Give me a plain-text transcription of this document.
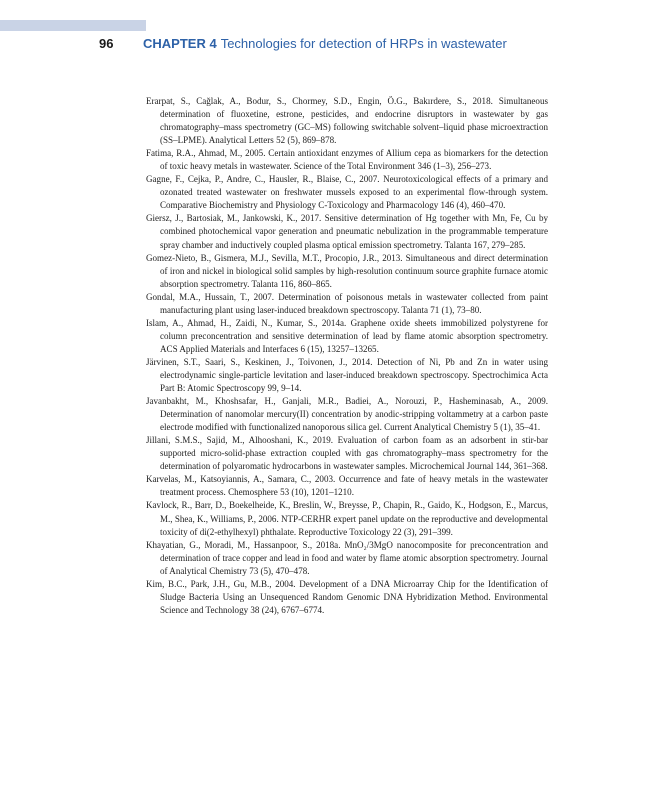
96	CHAPTER 4 Technologies for detection of HRPs in wastewater

Erarpat, S., Cağlak, A., Bodur, S., Chormey, S.D., Engin, Ö.G., Bakırdere, S., 2018. Simultaneous determination of fluoxetine, estrone, pesticides, and endocrine disruptors in wastewater by gas chromatography–mass spectrometry (GC–MS) following switchable solvent–liquid phase microextraction (SS–LPME). Analytical Letters 52 (5), 869–878.

Fatima, R.A., Ahmad, M., 2005. Certain antioxidant enzymes of Allium cepa as biomarkers for the detection of toxic heavy metals in wastewater. Science of the Total Environment 346 (1–3), 256–273.

Gagne, F., Cejka, P., Andre, C., Hausler, R., Blaise, C., 2007. Neurotoxicological effects of a primary and ozonated treated wastewater on freshwater mussels exposed to an experimental flow-through system. Comparative Biochemistry and Physiology C-Toxicology and Pharmacology 146 (4), 460–470.

Giersz, J., Bartosiak, M., Jankowski, K., 2017. Sensitive determination of Hg together with Mn, Fe, Cu by combined photochemical vapor generation and pneumatic nebulization in the programmable temperature spray chamber and inductively coupled plasma optical emission spectrometry. Talanta 167, 279–285.

Gomez-Nieto, B., Gismera, M.J., Sevilla, M.T., Procopio, J.R., 2013. Simultaneous and direct determination of iron and nickel in biological solid samples by high-resolution continuum source graphite furnace atomic absorption spectrometry. Talanta 116, 860–865.

Gondal, M.A., Hussain, T., 2007. Determination of poisonous metals in wastewater collected from paint manufacturing plant using laser-induced breakdown spectroscopy. Talanta 71 (1), 73–80.

Islam, A., Ahmad, H., Zaidi, N., Kumar, S., 2014a. Graphene oxide sheets immobilized polystyrene for column preconcentration and sensitive determination of lead by flame atomic absorption spectrometry. ACS Applied Materials and Interfaces 6 (15), 13257–13265.

Järvinen, S.T., Saari, S., Keskinen, J., Toivonen, J., 2014. Detection of Ni, Pb and Zn in water using electrodynamic single-particle levitation and laser-induced breakdown spectroscopy. Spectrochimica Acta Part B: Atomic Spectroscopy 99, 9–14.

Javanbakht, M., Khoshsafar, H., Ganjali, M.R., Badiei, A., Norouzi, P., Hasheminasab, A., 2009. Determination of nanomolar mercury(II) concentration by anodic-stripping voltammetry at a carbon paste electrode modified with functionalized nanoporous silica gel. Current Analytical Chemistry 5 (1), 35–41.

Jillani, S.M.S., Sajid, M., Alhooshani, K., 2019. Evaluation of carbon foam as an adsorbent in stir-bar supported micro-solid-phase extraction coupled with gas chromatography–mass spectrometry for the determination of polyaromatic hydrocarbons in wastewater samples. Microchemical Journal 144, 361–368.

Karvelas, M., Katsoyiannis, A., Samara, C., 2003. Occurrence and fate of heavy metals in the wastewater treatment process. Chemosphere 53 (10), 1201–1210.

Kavlock, R., Barr, D., Boekelheide, K., Breslin, W., Breysse, P., Chapin, R., Gaido, K., Hodgson, E., Marcus, M., Shea, K., Williams, P., 2006. NTP-CERHR expert panel update on the reproductive and developmental toxicity of di(2-ethylhexyl) phthalate. Reproductive Toxicology 22 (3), 291–399.

Khayatian, G., Moradi, M., Hassanpoor, S., 2018a. MnO₂/3MgO nanocomposite for preconcentration and determination of trace copper and lead in food and water by flame atomic absorption spectrometry. Journal of Analytical Chemistry 73 (5), 470–478.

Kim, B.C., Park, J.H., Gu, M.B., 2004. Development of a DNA Microarray Chip for the Identification of Sludge Bacteria Using an Unsequenced Random Genomic DNA Hybridization Method. Environmental Science and Technology 38 (24), 6767–6774.
